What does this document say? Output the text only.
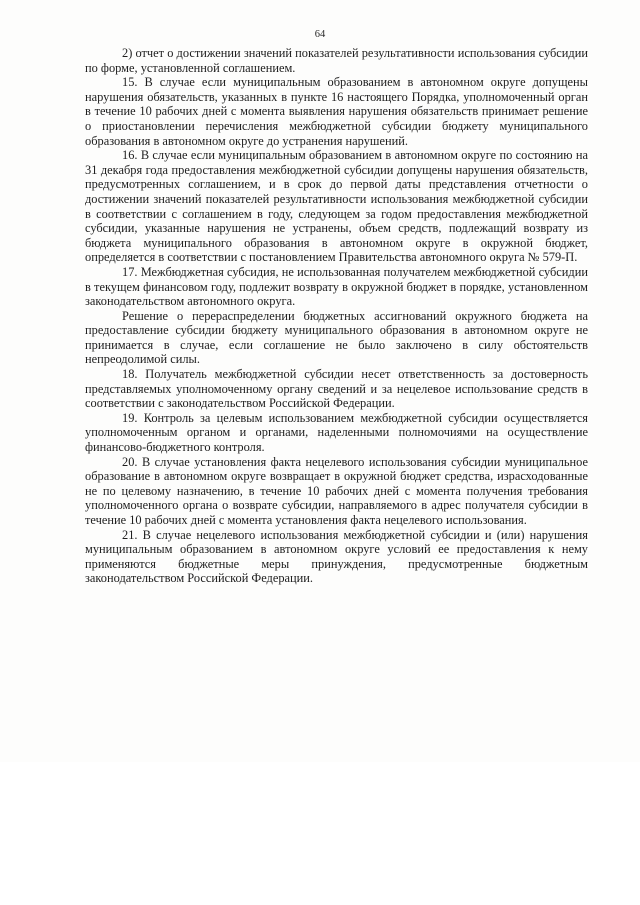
64

2) отчет о достижении значений показателей результативности использования субсидии по форме, установленной соглашением.

15. В случае если муниципальным образованием в автономном округе допущены нарушения обязательств, указанных в пункте 16 настоящего Порядка, уполномоченный орган в течение 10 рабочих дней с момента выявления нарушения обязательств принимает решение о приостановлении перечисления межбюджетной субсидии бюджету муниципального образования в автономном округе до устранения нарушений.

16. В случае если муниципальным образованием в автономном округе по состоянию на 31 декабря года предоставления межбюджетной субсидии допущены нарушения обязательств, предусмотренных соглашением, и в срок до первой даты представления отчетности о достижении значений показателей результативности использования межбюджетной субсидии в соответствии с соглашением в году, следующем за годом предоставления межбюджетной субсидии, указанные нарушения не устранены, объем средств, подлежащий возврату из бюджета муниципального образования в автономном округе в окружной бюджет, определяется в соответствии с постановлением Правительства автономного округа № 579-П.

17. Межбюджетная субсидия, не использованная получателем межбюджетной субсидии в текущем финансовом году, подлежит возврату в окружной бюджет в порядке, установленном законодательством автономного округа.

Решение о перераспределении бюджетных ассигнований окружного бюджета на предоставление субсидии бюджету муниципального образования в автономном округе не принимается в случае, если соглашение не было заключено в силу обстоятельств непреодолимой силы.

18. Получатель межбюджетной субсидии несет ответственность за достоверность представляемых уполномоченному органу сведений и за нецелевое использование средств в соответствии с законодательством Российской Федерации.

19. Контроль за целевым использованием межбюджетной субсидии осуществляется уполномоченным органом и органами, наделенными полномочиями на осуществление финансово-бюджетного контроля.

20. В случае установления факта нецелевого использования субсидии муниципальное образование в автономном округе возвращает в окружной бюджет средства, израсходованные не по целевому назначению, в течение 10 рабочих дней с момента получения требования уполномоченного органа о возврате субсидии, направляемого в адрес получателя субсидии в течение 10 рабочих дней с момента установления факта нецелевого использования.

21. В случае нецелевого использования межбюджетной субсидии и (или) нарушения муниципальным образованием в автономном округе условий ее предоставления к нему применяются бюджетные меры принуждения, предусмотренные бюджетным законодательством Российской Федерации.
